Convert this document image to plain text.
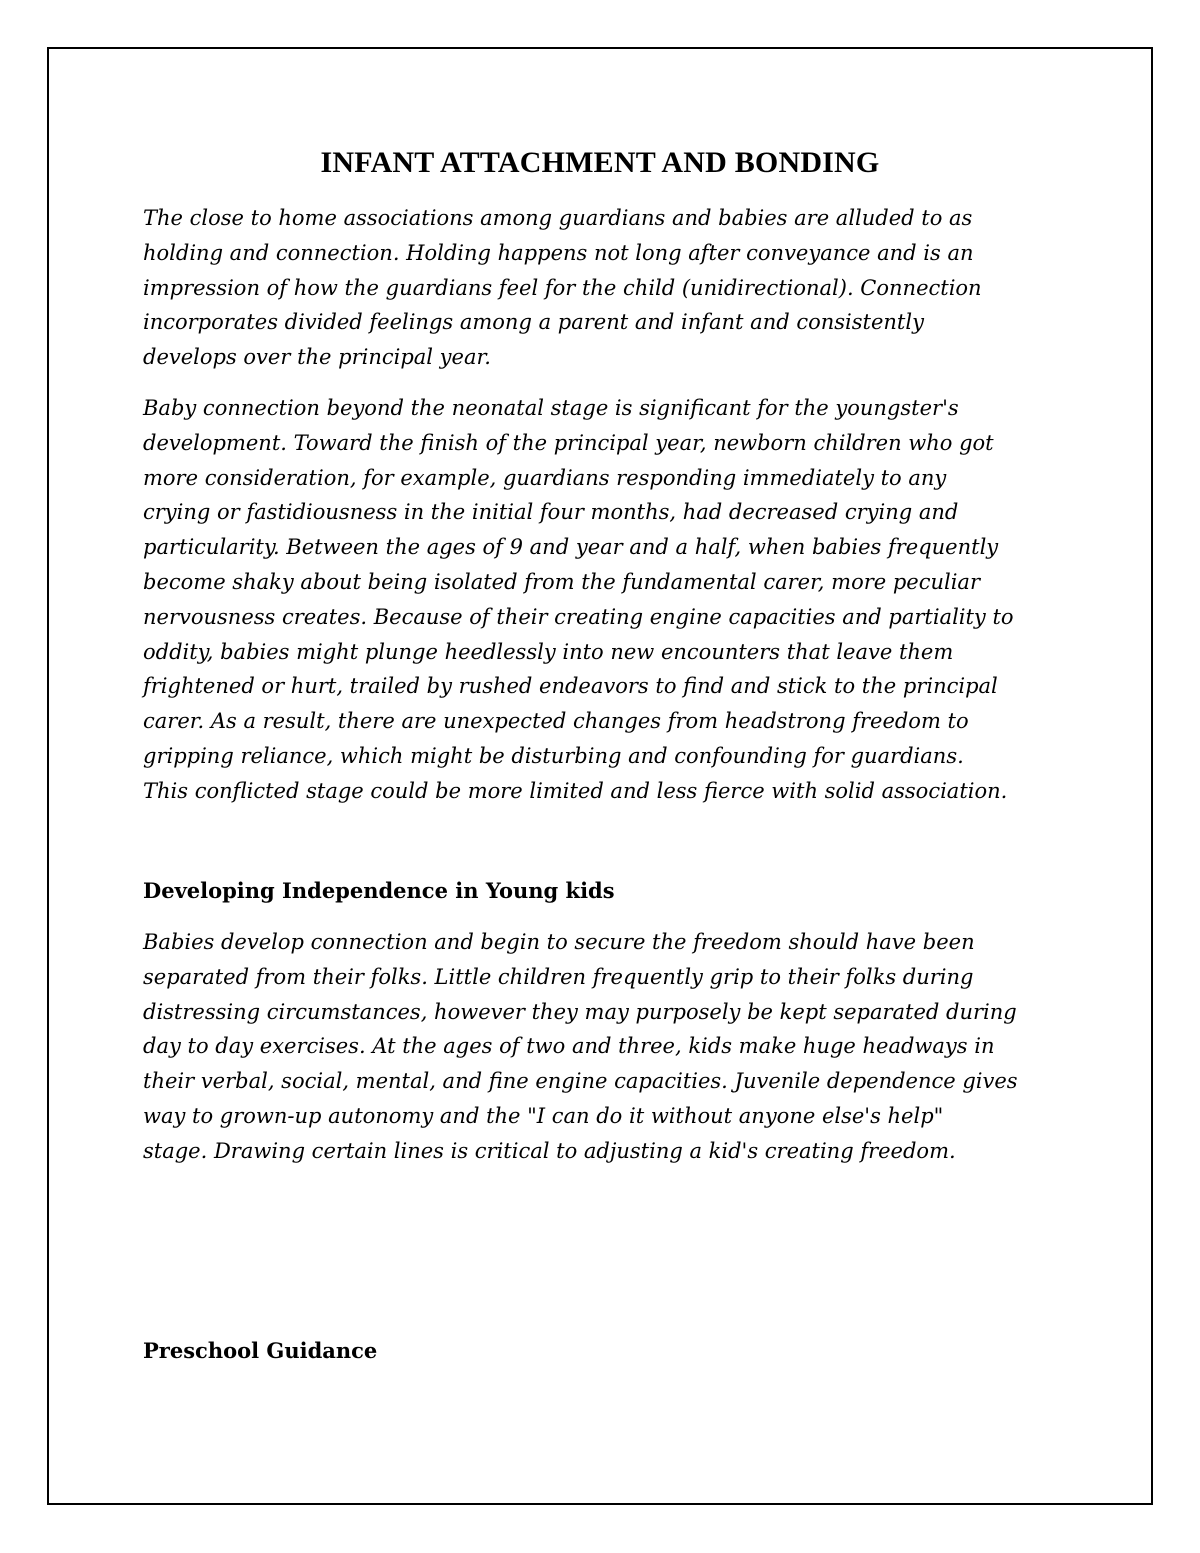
INFANT ATTACHMENT AND BONDING

The close to home associations among guardians and babies are alluded to as
holding and connection. Holding happens not long after conveyance and is an
impression of how the guardians feel for the child (unidirectional). Connection
incorporates divided feelings among a parent and infant and consistently
develops over the principal year.

Baby connection beyond the neonatal stage is significant for the youngster's
development. Toward the finish of the principal year, newborn children who got
more consideration, for example, guardians responding immediately to any
crying or fastidiousness in the initial four months, had decreased crying and
particularity. Between the ages of 9 and year and a half, when babies frequently
become shaky about being isolated from the fundamental carer, more peculiar
nervousness creates. Because of their creating engine capacities and partiality to
oddity, babies might plunge heedlessly into new encounters that leave them
frightened or hurt, trailed by rushed endeavors to find and stick to the principal
carer. As a result, there are unexpected changes from headstrong freedom to
gripping reliance, which might be disturbing and confounding for guardians.
This conflicted stage could be more limited and less fierce with solid association.

Developing Independence in Young kids

Babies develop connection and begin to secure the freedom should have been
separated from their folks. Little children frequently grip to their folks during
distressing circumstances, however they may purposely be kept separated during
day to day exercises. At the ages of two and three, kids make huge headways in
their verbal, social, mental, and fine engine capacities. Juvenile dependence gives
way to grown-up autonomy and the "I can do it without anyone else's help"
stage. Drawing certain lines is critical to adjusting a kid's creating freedom.

Preschool Guidance
